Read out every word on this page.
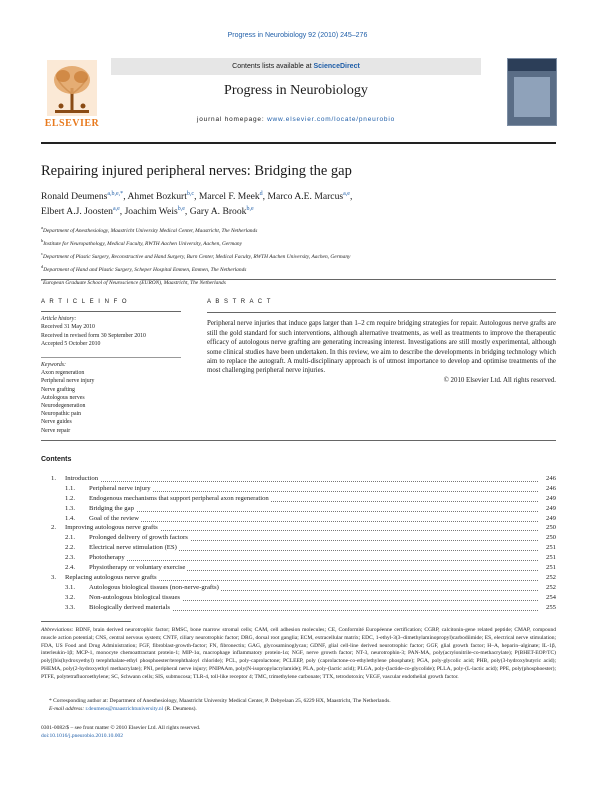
Progress in Neurobiology 92 (2010) 245–276
ELSEVIER
Contents lists available at ScienceDirect
Progress in Neurobiology
journal homepage: www.elsevier.com/locate/pneurobio
Repairing injured peripheral nerves: Bridging the gap
Ronald Deumens$^{a,b,e,*}$, Ahmet Bozkurt$^{b,c}$, Marcel F. Meek$^d$, Marco A.E. Marcus$^{a,e}$,
Elbert A.J. Joosten$^{a,e}$, Joachim Weis$^{b,e}$, Gary A. Brook$^{b,e}$
$^a$Department of Anesthesiology, Maastricht University Medical Center, Maastricht, The Netherlands
$^b$Institute for Neuropathology, Medical Faculty, RWTH Aachen University, Aachen, Germany
$^c$Department of Plastic Surgery, Reconstructive and Hand Surgery, Burn Center, Medical Faculty, RWTH Aachen University, Aachen, Germany
$^d$Department of Hand and Plastic Surgery, Scheper Hospital Emmen, Emmen, The Netherlands
$^e$European Graduate School of Neuroscience (EURON), Maastricht, The Netherlands
A R T I C L E I N F O
Article history:
Received 31 May 2010
Received in revised form 30 September 2010
Accepted 5 October 2010
Keywords:
Axon regeneration
Peripheral nerve injury
Nerve grafting
Autologous nerves
Neurodegeneration
Neuropathic pain
Nerve guides
Nerve repair
A B S T R A C T
Peripheral nerve injuries that induce gaps larger than 1–2 cm require bridging strategies for repair. Autologous nerve grafts are still the gold standard for such interventions, although alternative treatments, as well as treatments to improve the therapeutic efficacy of autologous nerve grafting are generating increasing interest. Investigations are still mostly experimental, although some clinical studies have been undertaken. In this review, we aim to describe the developments in bridging technology which aim to replace the autograft. A multi-disciplinary approach is of utmost importance to develop and optimise treatments of the most challenging peripheral nerve injuries.
© 2010 Elsevier Ltd. All rights reserved.
Contents
1. Introduction	246
1.1. Peripheral nerve injury	246
1.2. Endogenous mechanisms that support peripheral axon regeneration	249
1.3. Bridging the gap	249
1.4. Goal of the review	249
2. Improving autologous nerve grafts	250
2.1. Prolonged delivery of growth factors	250
2.2. Electrical nerve stimulation (ES)	251
2.3. Phototherapy	251
2.4. Physiotherapy or voluntary exercise	251
3. Replacing autologous nerve grafts	252
3.1. Autologous biological tissues (non-nerve-grafts)	252
3.2. Non-autologous biological tissues	254
3.3. Biologically derived materials	255
Abbreviations: BDNF, brain derived neurotrophic factor; BMSC, bone marrow stromal cells; CAM, cell adhesion molecules; CE, Conformité Européenne certification; CGRP, calcitonin-gene related peptide; CMAP, compound muscle action potential; CNS, central nervous system; CNTF, ciliary neurotrophic factor; DRG, dorsal root ganglia; ECM, extracellular matrix; EDC, 1-ethyl-3(3–dimethylaminopropyl)carbodiimide; ES, electrical nerve stimulation; FDA, US Food and Drug Administration; FGF, fibroblast-growth-factor; FN, fibronectin; GAG, glycosaminoglycan; GDNF, glial cell-line derived neurotrophic factor; GGF, glial growth factor; H–A, heparin–alginate; IL-1β, interleukin-1β; MCP-1, monocyte chemoattractant protein-1; MIP-1α, macrophage inflammatory protein-1α; NGF, nerve growth factor; NT-3, neurotrophin-3; PAN-MA, poly(acrylonitrile-co-methacrylate); P(BHET-EOP/TC) poly[(bis(hydroxyethyl) terephthalate-ethyl phosphoester/terephthaloyl chloride); PCL, poly-caprolactone; PCLEEP, poly (caprolactone-co-ethylethylene phosphate); PGA, poly-glycolic acid; PHB, poly(3-hydroxybutyric acid); PHEMA, poly(2-hydroxyethyl methacrylate); PNI, peripheral nerve injury; PNIPAAm, poly(N-isopropylacrylamide); PLA, poly-(lactic acid); PLGA, poly-(lactide-co-glycolide); PLLA, poly-(L-lactic acid); PPE, poly(phosphoester); PTFE, polytetrafluoroethylene; SC, Schwann cells; SIS, submucosa; TLR-4, toll-like receptor 4; TMC, trimethylene carbonate; TTX, tetrodotoxin; VEGF, vascular endothelial growth factor.
* Corresponding author at: Department of Anesthesiology, Maastricht University Medical Center, P. Debyelaan 25, 6229 HX, Maastricht, The Netherlands.
E-mail address: r.deumens@maastrichtuniversity.nl (R. Deumens).
0301-0082/$ – see front matter © 2010 Elsevier Ltd. All rights reserved.
doi:10.1016/j.pneurobio.2010.10.002
